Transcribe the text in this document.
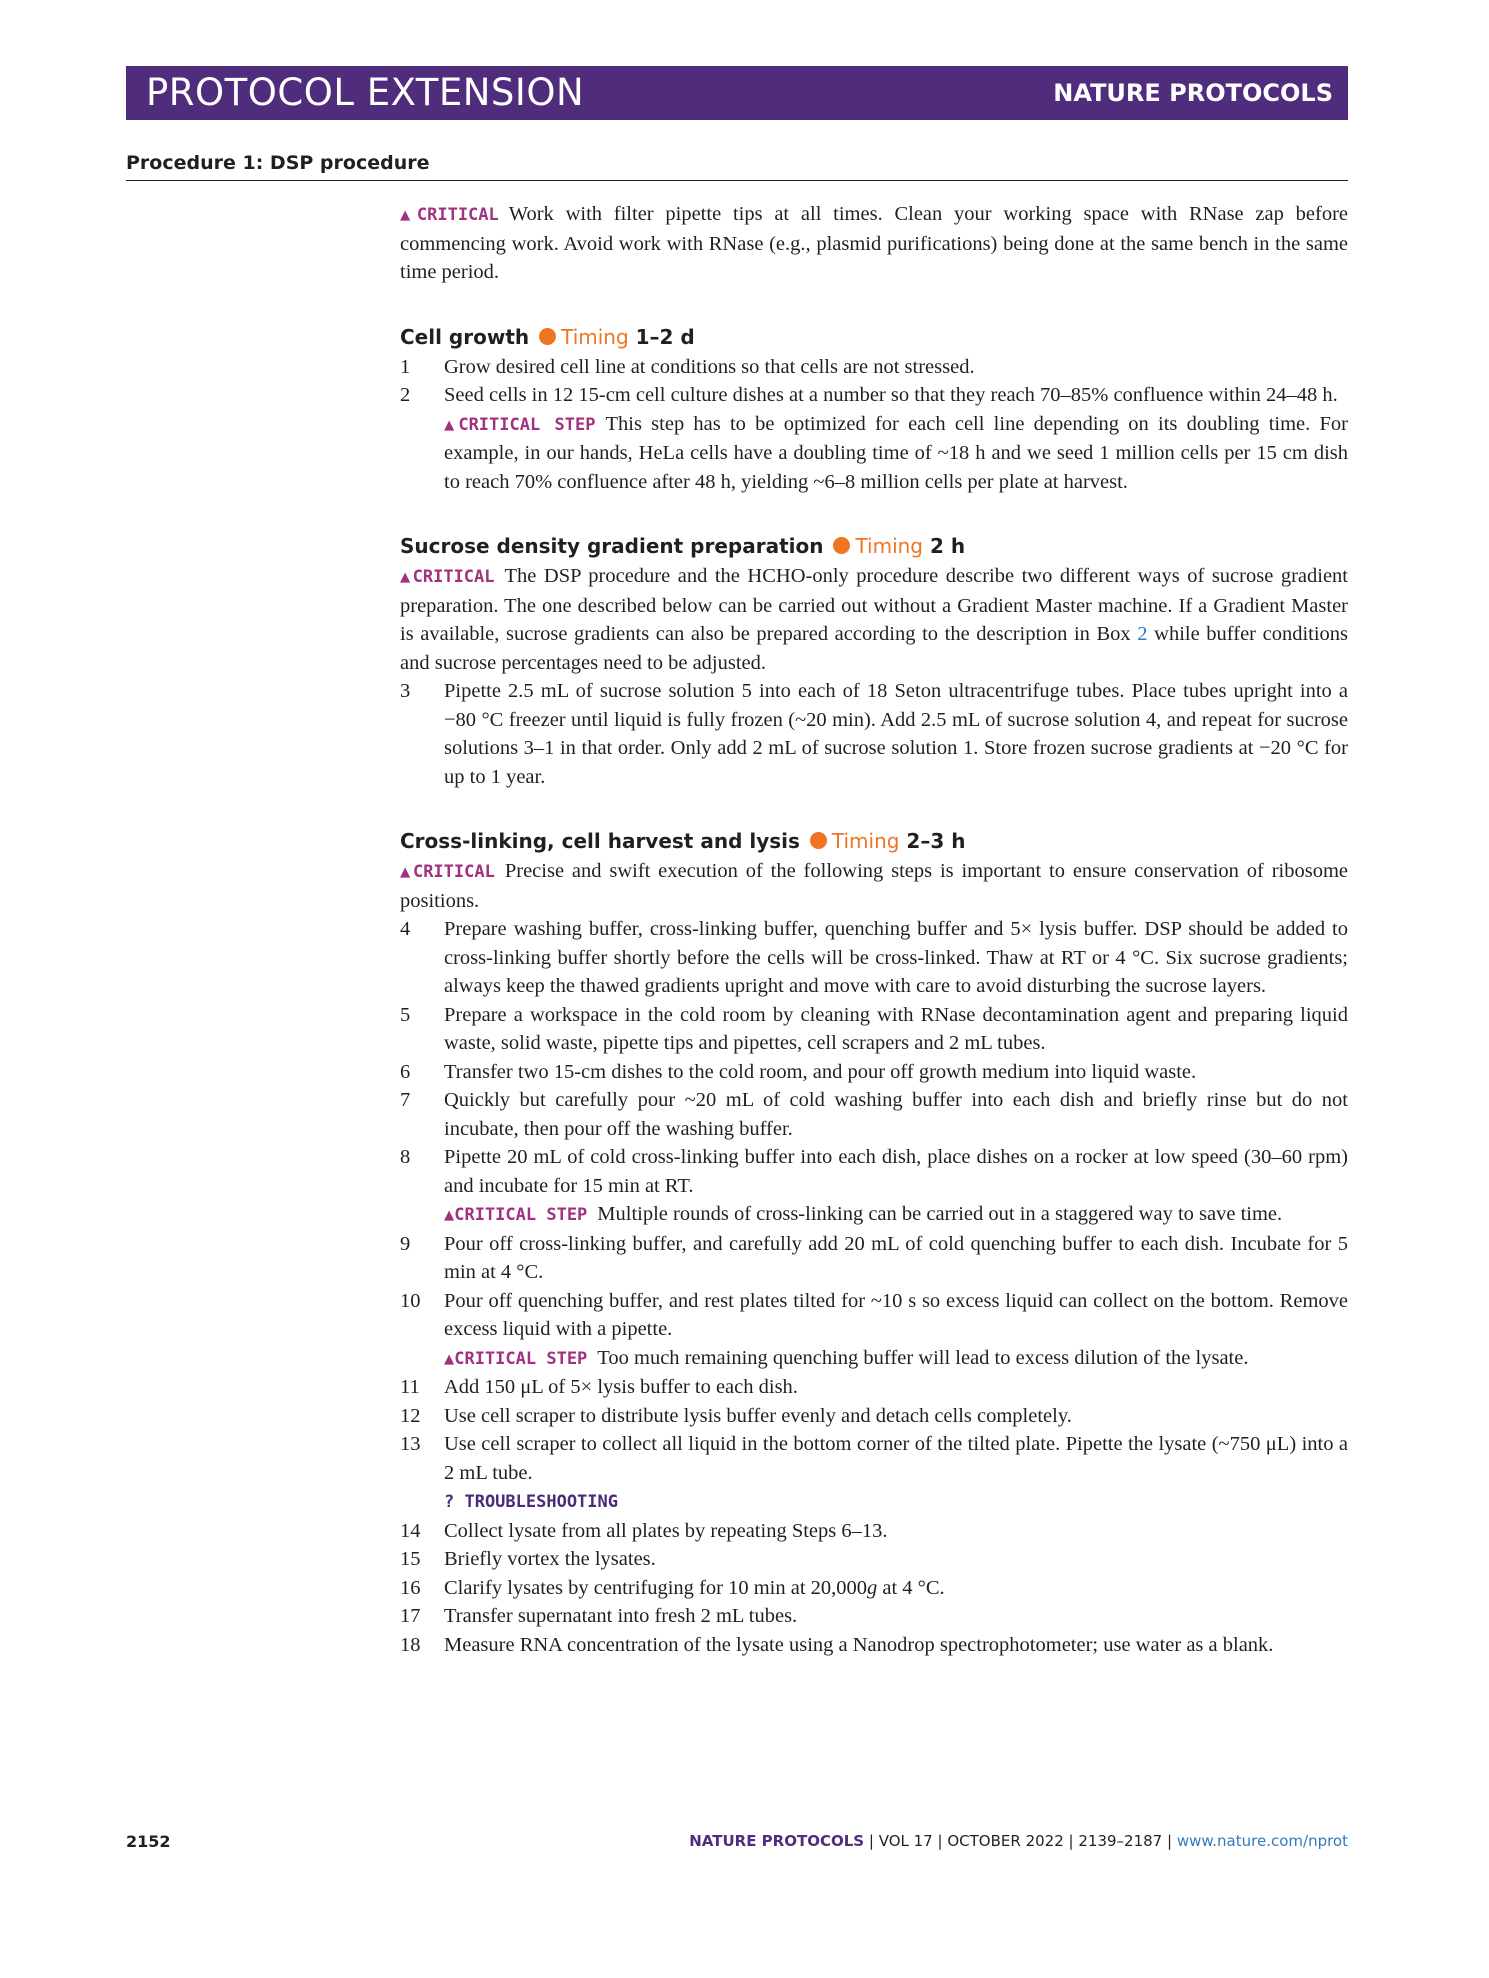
PROTOCOL EXTENSION	NATURE PROTOCOLS
Procedure 1: DSP procedure

▲CRITICAL Work with filter pipette tips at all times. Clean your working space with RNase zap before commencing work. Avoid work with RNase (e.g., plasmid purifications) being done at the same bench in the same time period.

Cell growth Timing 1–2 d
1 Grow desired cell line at conditions so that cells are not stressed.

2 Seed cells in 12 15-cm cell culture dishes at a number so that they reach 70–85% confluence within 24–48 h.

▲CRITICAL STEP This step has to be optimized for each cell line depending on its doubling time. For example, in our hands, HeLa cells have a doubling time of ~18 h and we seed 1 million cells per 15 cm dish to reach 70% confluence after 48 h, yielding ~6–8 million cells per plate at harvest.

Sucrose density gradient preparation Timing 2 h

▲CRITICAL The DSP procedure and the HCHO-only procedure describe two different ways of sucrose gradient preparation. The one described below can be carried out without a Gradient Master machine. If a Gradient Master is available, sucrose gradients can also be prepared according to the description in Box 2 while buffer conditions and sucrose percentages need to be adjusted.

3 Pipette 2.5 mL of sucrose solution 5 into each of 18 Seton ultracentrifuge tubes. Place tubes upright into a −80 °C freezer until liquid is fully frozen (~20 min). Add 2.5 mL of sucrose solution 4, and repeat for sucrose solutions 3–1 in that order. Only add 2 mL of sucrose solution 1. Store frozen sucrose gradients at −20 °C for up to 1 year.

Cross-linking, cell harvest and lysis Timing 2–3 h

▲CRITICAL Precise and swift execution of the following steps is important to ensure conservation of ribosome positions.

4 Prepare washing buffer, cross-linking buffer, quenching buffer and 5× lysis buffer. DSP should be added to cross-linking buffer shortly before the cells will be cross-linked. Thaw at RT or 4 °C. Six sucrose gradients; always keep the thawed gradients upright and move with care to avoid disturbing the sucrose layers.

5 Prepare a workspace in the cold room by cleaning with RNase decontamination agent and preparing liquid waste, solid waste, pipette tips and pipettes, cell scrapers and 2 mL tubes.

6 Transfer two 15-cm dishes to the cold room, and pour off growth medium into liquid waste.

7 Quickly but carefully pour ~20 mL of cold washing buffer into each dish and briefly rinse but do not incubate, then pour off the washing buffer.

8 Pipette 20 mL of cold cross-linking buffer into each dish, place dishes on a rocker at low speed (30–60 rpm) and incubate for 15 min at RT.

▲CRITICAL STEP Multiple rounds of cross-linking can be carried out in a staggered way to save time.

9 Pour off cross-linking buffer, and carefully add 20 mL of cold quenching buffer to each dish. Incubate for 5 min at 4 °C.

10 Pour off quenching buffer, and rest plates tilted for ~10 s so excess liquid can collect on the bottom. Remove excess liquid with a pipette.

▲CRITICAL STEP Too much remaining quenching buffer will lead to excess dilution of the lysate.

11 Add 150 μL of 5× lysis buffer to each dish.

12 Use cell scraper to distribute lysis buffer evenly and detach cells completely.

13 Use cell scraper to collect all liquid in the bottom corner of the tilted plate. Pipette the lysate (~750 μL) into a 2 mL tube.

? TROUBLESHOOTING

14 Collect lysate from all plates by repeating Steps 6–13.

15 Briefly vortex the lysates.

16 Clarify lysates by centrifuging for 10 min at 20,000g at 4 °C.

17 Transfer supernatant into fresh 2 mL tubes.

18 Measure RNA concentration of the lysate using a Nanodrop spectrophotometer; use water as a blank.

2152	NATURE PROTOCOLS | VOL 17 | OCTOBER 2022 | 2139–2187 | www.nature.com/nprot
